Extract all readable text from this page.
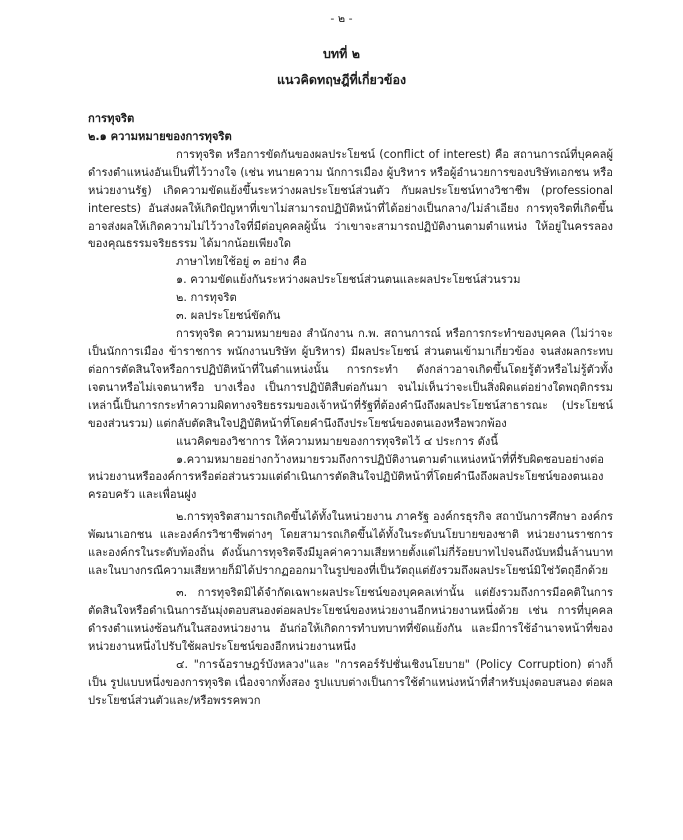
- ๒ -
บทที่ ๒
แนวคิดทฤษฎีที่เกี่ยวข้อง

การทุจริต

๒.๑ ความหมายของการทุจริต

การทุจริต หรือการขัดกันของผลประโยชน์ (conflict of interest) คือ สถานการณ์ที่บุคคลผู้ดำรงตำแหน่งอันเป็นที่ไว้วางใจ (เช่น ทนายความ นักการเมือง ผู้บริหาร หรือผู้อำนวยการของบริษัทเอกชน หรือหน่วยงานรัฐ) เกิดความขัดแย้งขึ้นระหว่างผลประโยชน์ส่วนตัว กับผลประโยชน์ทางวิชาชีพ (professional interests) อันส่งผลให้เกิดปัญหาที่เขาไม่สามารถปฏิบัติหน้าที่ได้อย่างเป็นกลาง/ไม่ลำเอียง การทุจริตที่เกิดขึ้นอาจส่งผลให้เกิดความไม่ไว้วางใจที่มีต่อบุคคลผู้นั้น ว่าเขาจะสามารถปฏิบัติงานตามตำแหน่ง ให้อยู่ในครรลองของคุณธรรมจริยธรรม ได้มากน้อยเพียงใด

ภาษาไทยใช้อยู่ ๓ อย่าง คือ

๑. ความขัดแย้งกันระหว่างผลประโยชน์ส่วนตนและผลประโยชน์ส่วนรวม

๒. การทุจริต

๓. ผลประโยชน์ขัดกัน

การทุจริต ความหมายของ สำนักงาน ก.พ. สถานการณ์ หรือการกระทำของบุคคล (ไม่ว่าจะเป็นนักการเมือง ข้าราชการ พนักงานบริษัท ผู้บริหาร) มีผลประโยชน์ ส่วนตนเข้ามาเกี่ยวข้อง จนส่งผลกระทบต่อการตัดสินใจหรือการปฏิบัติหน้าที่ในตำแหน่งนั้น การกระทำ ดังกล่าวอาจเกิดขึ้นโดยรู้ตัวหรือไม่รู้ตัวทั้งเจตนาหรือไม่เจตนาหรือ บางเรื่อง เป็นการปฏิบัติสืบต่อกันมา จนไม่เห็นว่าจะเป็นสิ่งผิดแต่อย่างใดพฤติกรรมเหล่านี้เป็นการกระทำความผิดทางจริยธรรมของเจ้าหน้าที่รัฐที่ต้องคำนึงถึงผลประโยชน์สาธารณะ (ประโยชน์ของส่วนรวม) แต่กลับตัดสินใจปฏิบัติหน้าที่โดยคำนึงถึงประโยชน์ของตนเองหรือพวกพ้อง

แนวคิดของวิชาการ ให้ความหมายของการทุจริตไว้ ๔ ประการ ดังนี้

๑.ความหมายอย่างกว้างหมายรวมถึงการปฏิบัติงานตามตำแหน่งหน้าที่ที่รับผิดชอบอย่างต่อหน่วยงานหรือองค์การหรือต่อส่วนรวมแต่ดำเนินการตัดสินใจปฏิบัติหน้าที่โดยคำนึงถึงผลประโยชน์ของตนเองครอบครัว และเพื่อนฝูง

๒.การทุจริตสามารถเกิดขึ้นได้ทั้งในหน่วยงาน ภาครัฐ องค์กรธุรกิจ สถาบันการศึกษา องค์กรพัฒนาเอกชน และองค์กรวิชาชีพต่างๆ โดยสามารถเกิดขึ้นได้ทั้งในระดับนโยบายของชาติ หน่วยงานราชการและองค์กรในระดับท้องถิ่น ดังนั้นการทุจริตจึงมีมูลค่าความเสียหายตั้งแต่ไม่กี่ร้อยบาทไปจนถึงนับหมื่นล้านบาท และในบางกรณีความเสียหายก็มิได้ปรากฏออกมาในรูปของที่เป็นวัตถุแต่ยังรวมถึงผลประโยชน์มิใช่วัตถุอีกด้วย

๓. การทุจริตมิได้จำกัดเฉพาะผลประโยชน์ของบุคคลเท่านั้น แต่ยังรวมถึงการมีอคติในการตัดสินใจหรือดำเนินการอันมุ่งตอบสนองต่อผลประโยชน์ของหน่วยงานอีกหน่วยงานหนึ่งด้วย เช่น การที่บุคคลดำรงตำแหน่งซ้อนกันในสองหน่วยงาน อันก่อให้เกิดการทำบทบาทที่ขัดแย้งกัน และมีการใช้อำนาจหน้าที่ของหน่วยงานหนึ่งไปรับใช้ผลประโยชน์ของอีกหน่วยงานหนึ่ง

๔. "การฉ้อราษฎร์บังหลวง"และ "การคอร์รัปชั่นเชิงนโยบาย" (Policy Corruption) ต่างก็เป็น รูปแบบหนึ่งของการทุจริต เนื่องจากทั้งสอง รูปแบบต่างเป็นการใช้ตำแหน่งหน้าที่สำหรับมุ่งตอบสนอง ต่อผลประโยชน์ส่วนตัวและ/หรือพรรคพวก
